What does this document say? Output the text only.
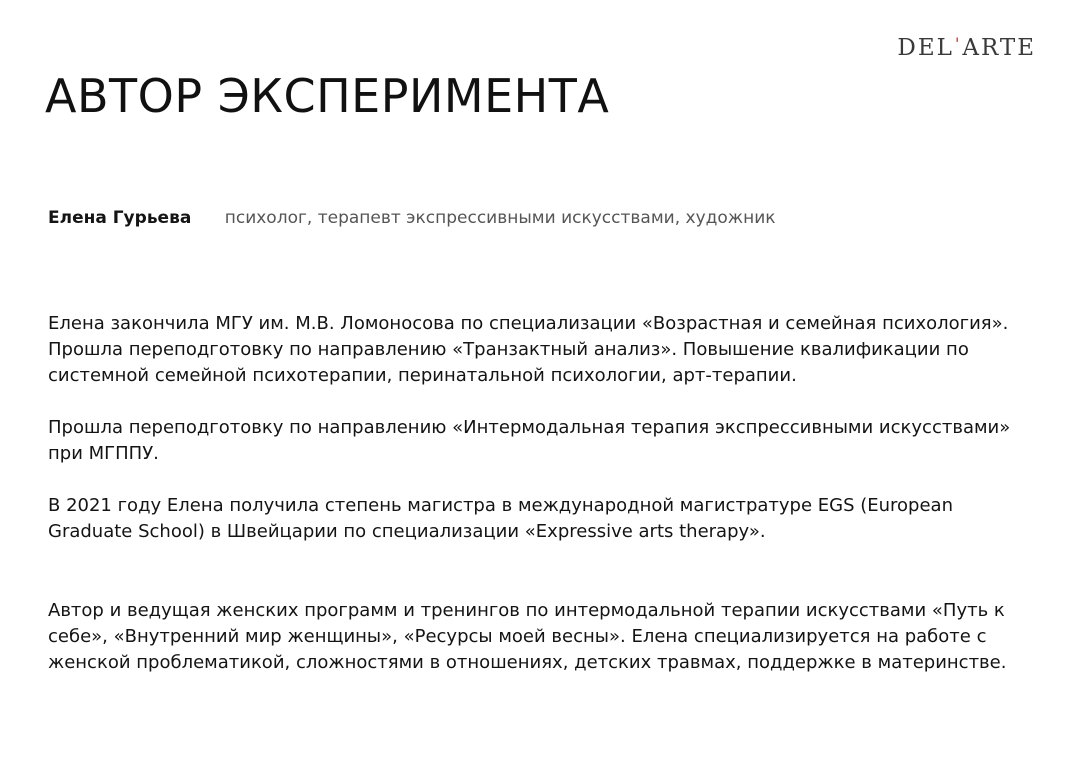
DEL'ARTE
АВТОР ЭКСПЕРИМЕНТА
Елена Гурьева психолог, терапевт экспрессивными искусствами, художник

Елена закончила МГУ им. М.В. Ломоносова по специализации «Возрастная и семейная психология». Прошла переподготовку по направлению «Транзактный анализ». Повышение квалификации по системной семейной психотерапии, перинатальной психологии, арт-терапии.

Прошла переподготовку по направлению «Интермодальная терапия экспрессивными искусствами» при МГППУ.

В 2021 году Елена получила степень магистра в международной магистратуре EGS (European Graduate School) в Швейцарии по специализации «Expressive arts therapy».

Автор и ведущая женских программ и тренингов по интермодальной терапии искусствами «Путь к себе», «Внутренний мир женщины», «Ресурсы моей весны». Елена специализируется на работе с женской проблематикой, сложностями в отношениях, детских травмах, поддержке в материнстве.
